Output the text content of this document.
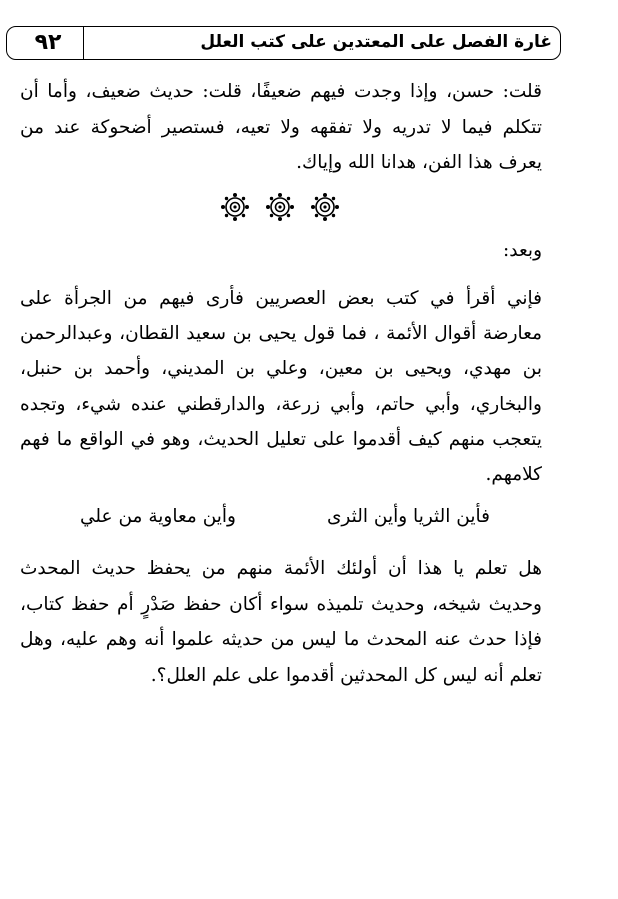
غارة الفصل على المعتدين على كتب العلل
٩٢

قلت: حسن، وإذا وجدت فيهم ضعيفًا، قلت: حديث ضعيف، وأما أن تتكلم فيما لا تدريه ولا تفقهه ولا تعيه، فستصير أضحوكة عند من يعرف هذا الفن، هدانا الله وإياك.

وبعد:

فإني أقرأ في كتب بعض العصريين فأرى فيهم من الجرأة على معارضة أقوال الأئمة ، فما قول يحيى بن سعيد القطان، وعبدالرحمن بن مهدي، ويحيى بن معين، وعلي بن المديني، وأحمد بن حنبل، والبخاري، وأبي حاتم، وأبي زرعة، والدارقطني عنده شيء، وتجده يتعجب منهم كيف أقدموا على تعليل الحديث، وهو في الواقع ما فهم كلامهم.

فأين الثريا وأين الثرى
وأين معاوية من علي

هل تعلم يا هذا أن أولئك الأئمة منهم من يحفظ حديث المحدث وحديث شيخه، وحديث تلميذه سواء أكان حفظ صَدْرٍ أم حفظ كتاب، فإذا حدث عنه المحدث ما ليس من حديثه علموا أنه وهم عليه، وهل تعلم أنه ليس كل المحدثين أقدموا على علم العلل؟.
